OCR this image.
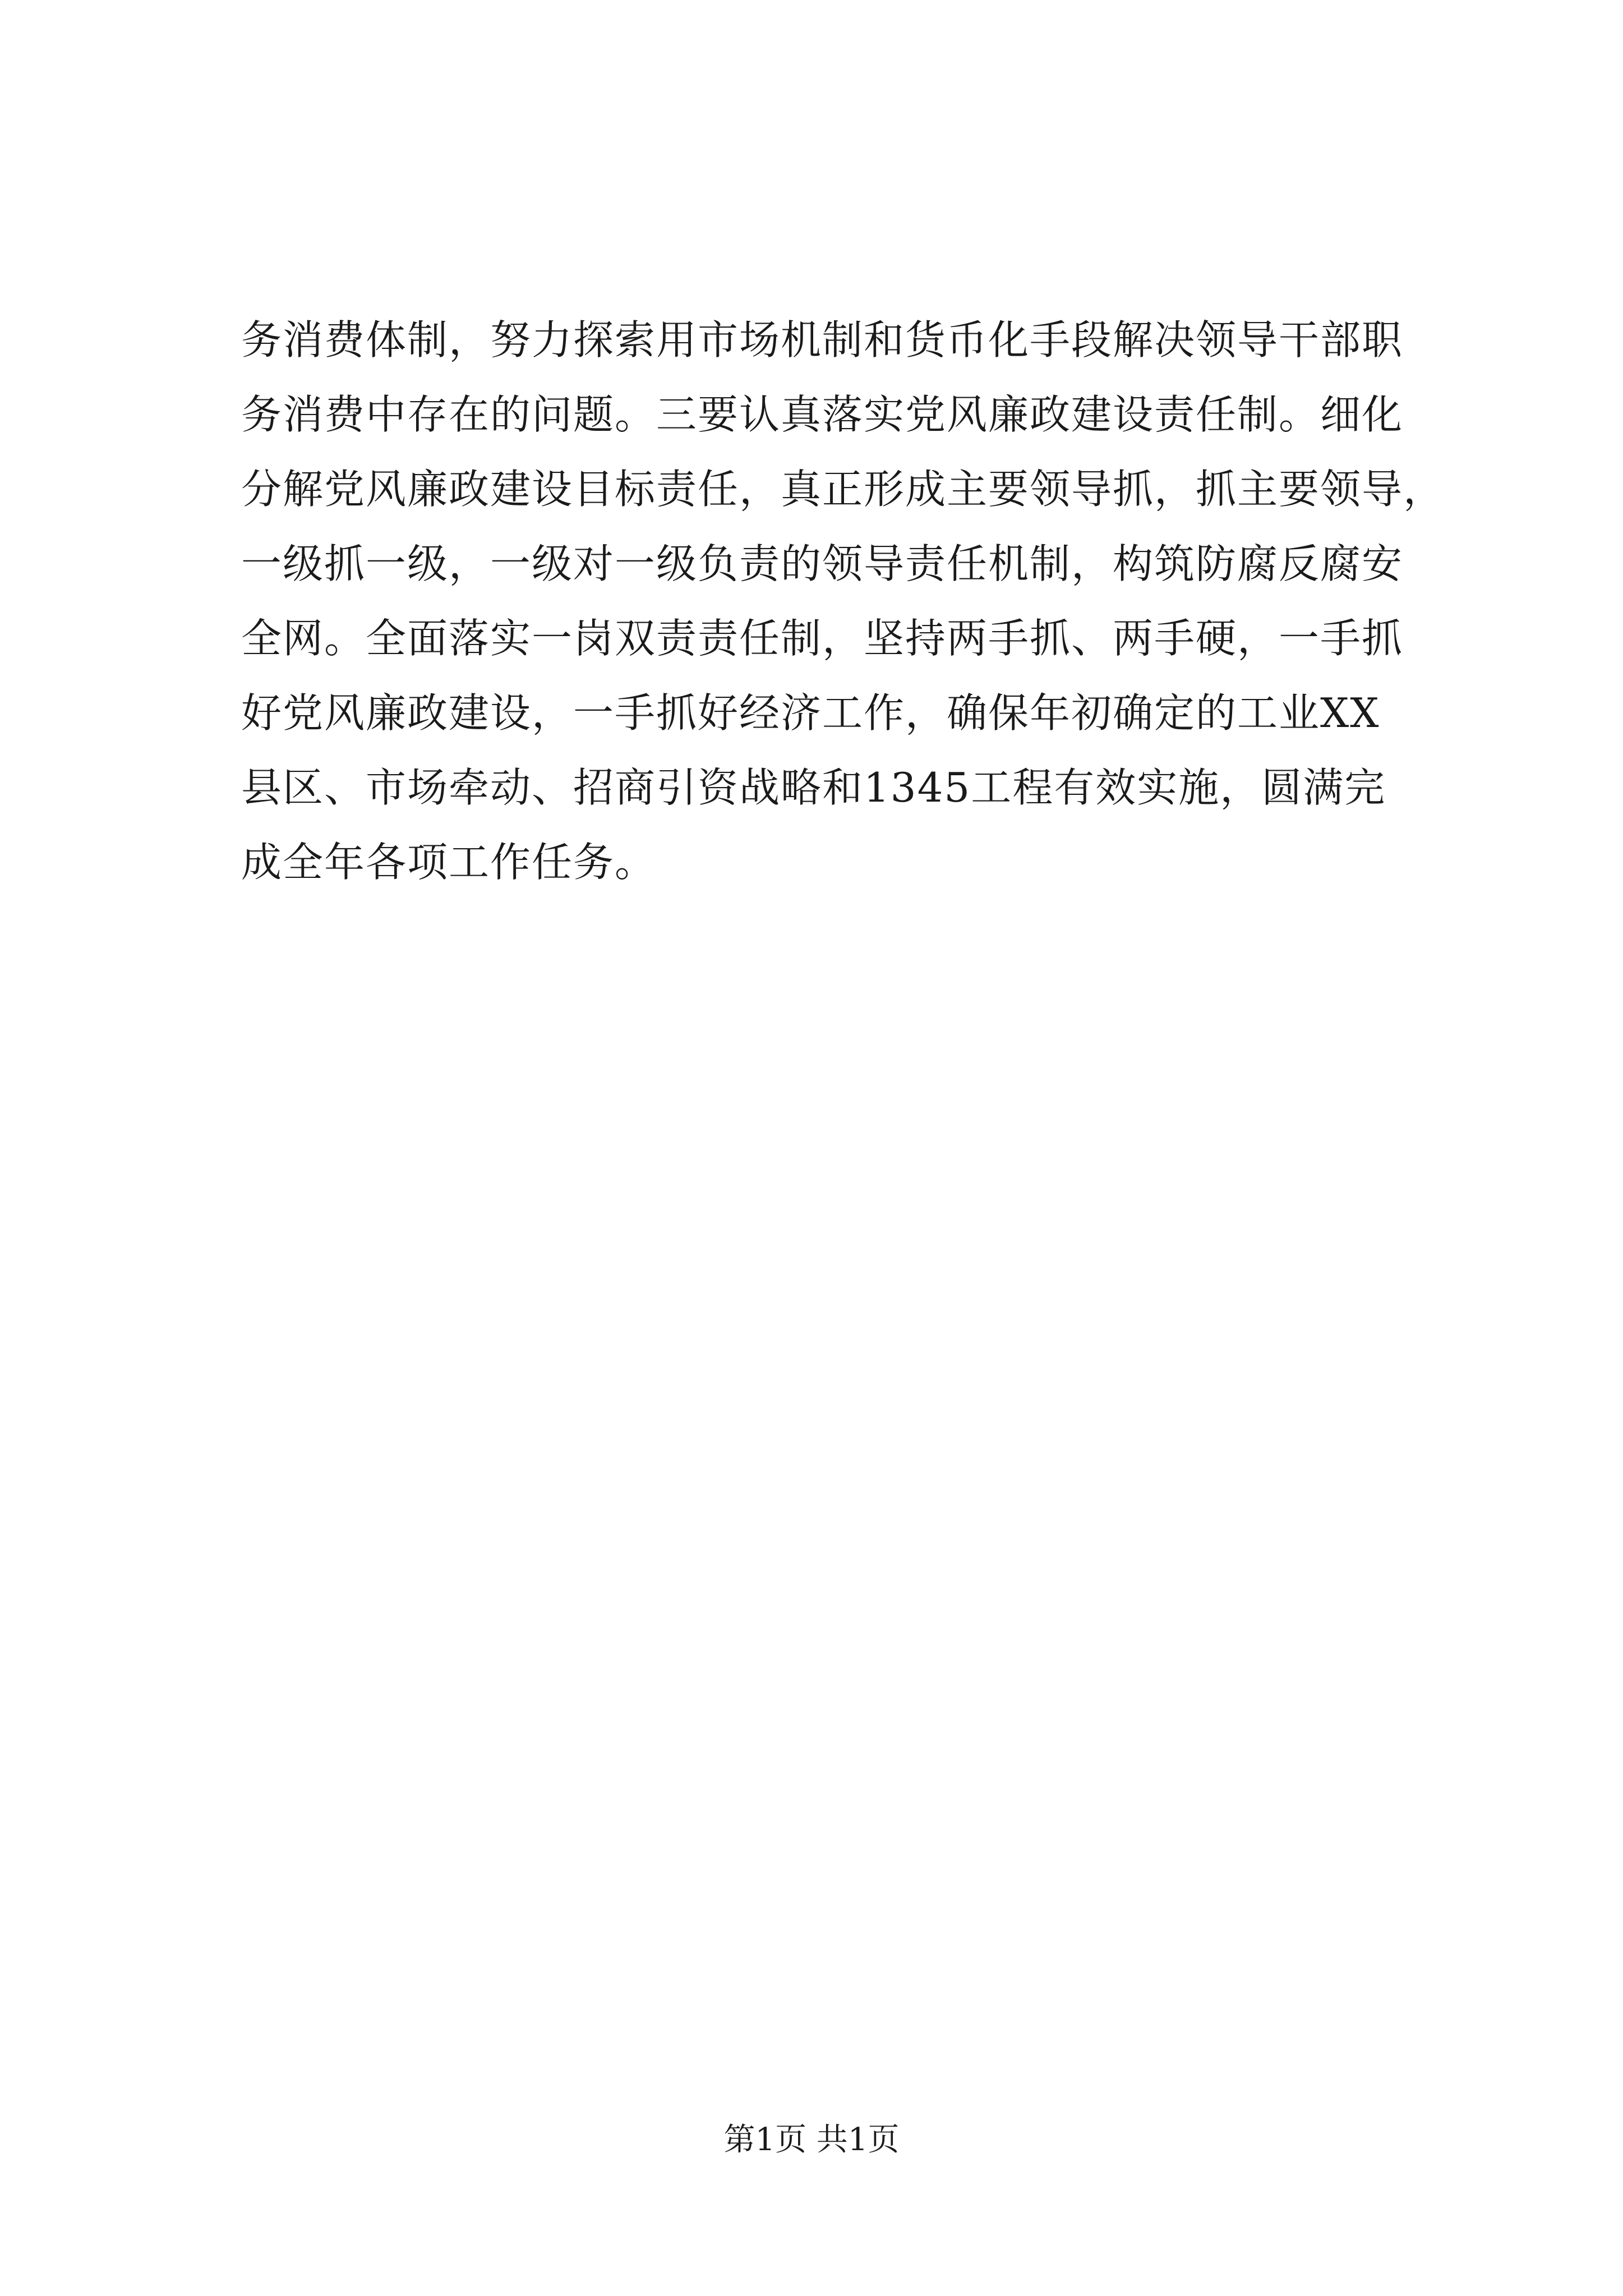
务消费体制，努力探索用市场机制和货币化手段解决领导干部职
务消费中存在的问题。三要认真落实党风廉政建设责任制。细化
分解党风廉政建设目标责任，真正形成主要领导抓，抓主要领导，
一级抓一级，一级对一级负责的领导责任机制，构筑防腐反腐安
全网。全面落实一岗双责责任制，坚持两手抓、两手硬，一手抓
好党风廉政建设，一手抓好经济工作，确保年初确定的工业XX
县区、市场牵动、招商引资战略和1345工程有效实施，圆满完
成全年各项工作任务。

第1页 共1页
